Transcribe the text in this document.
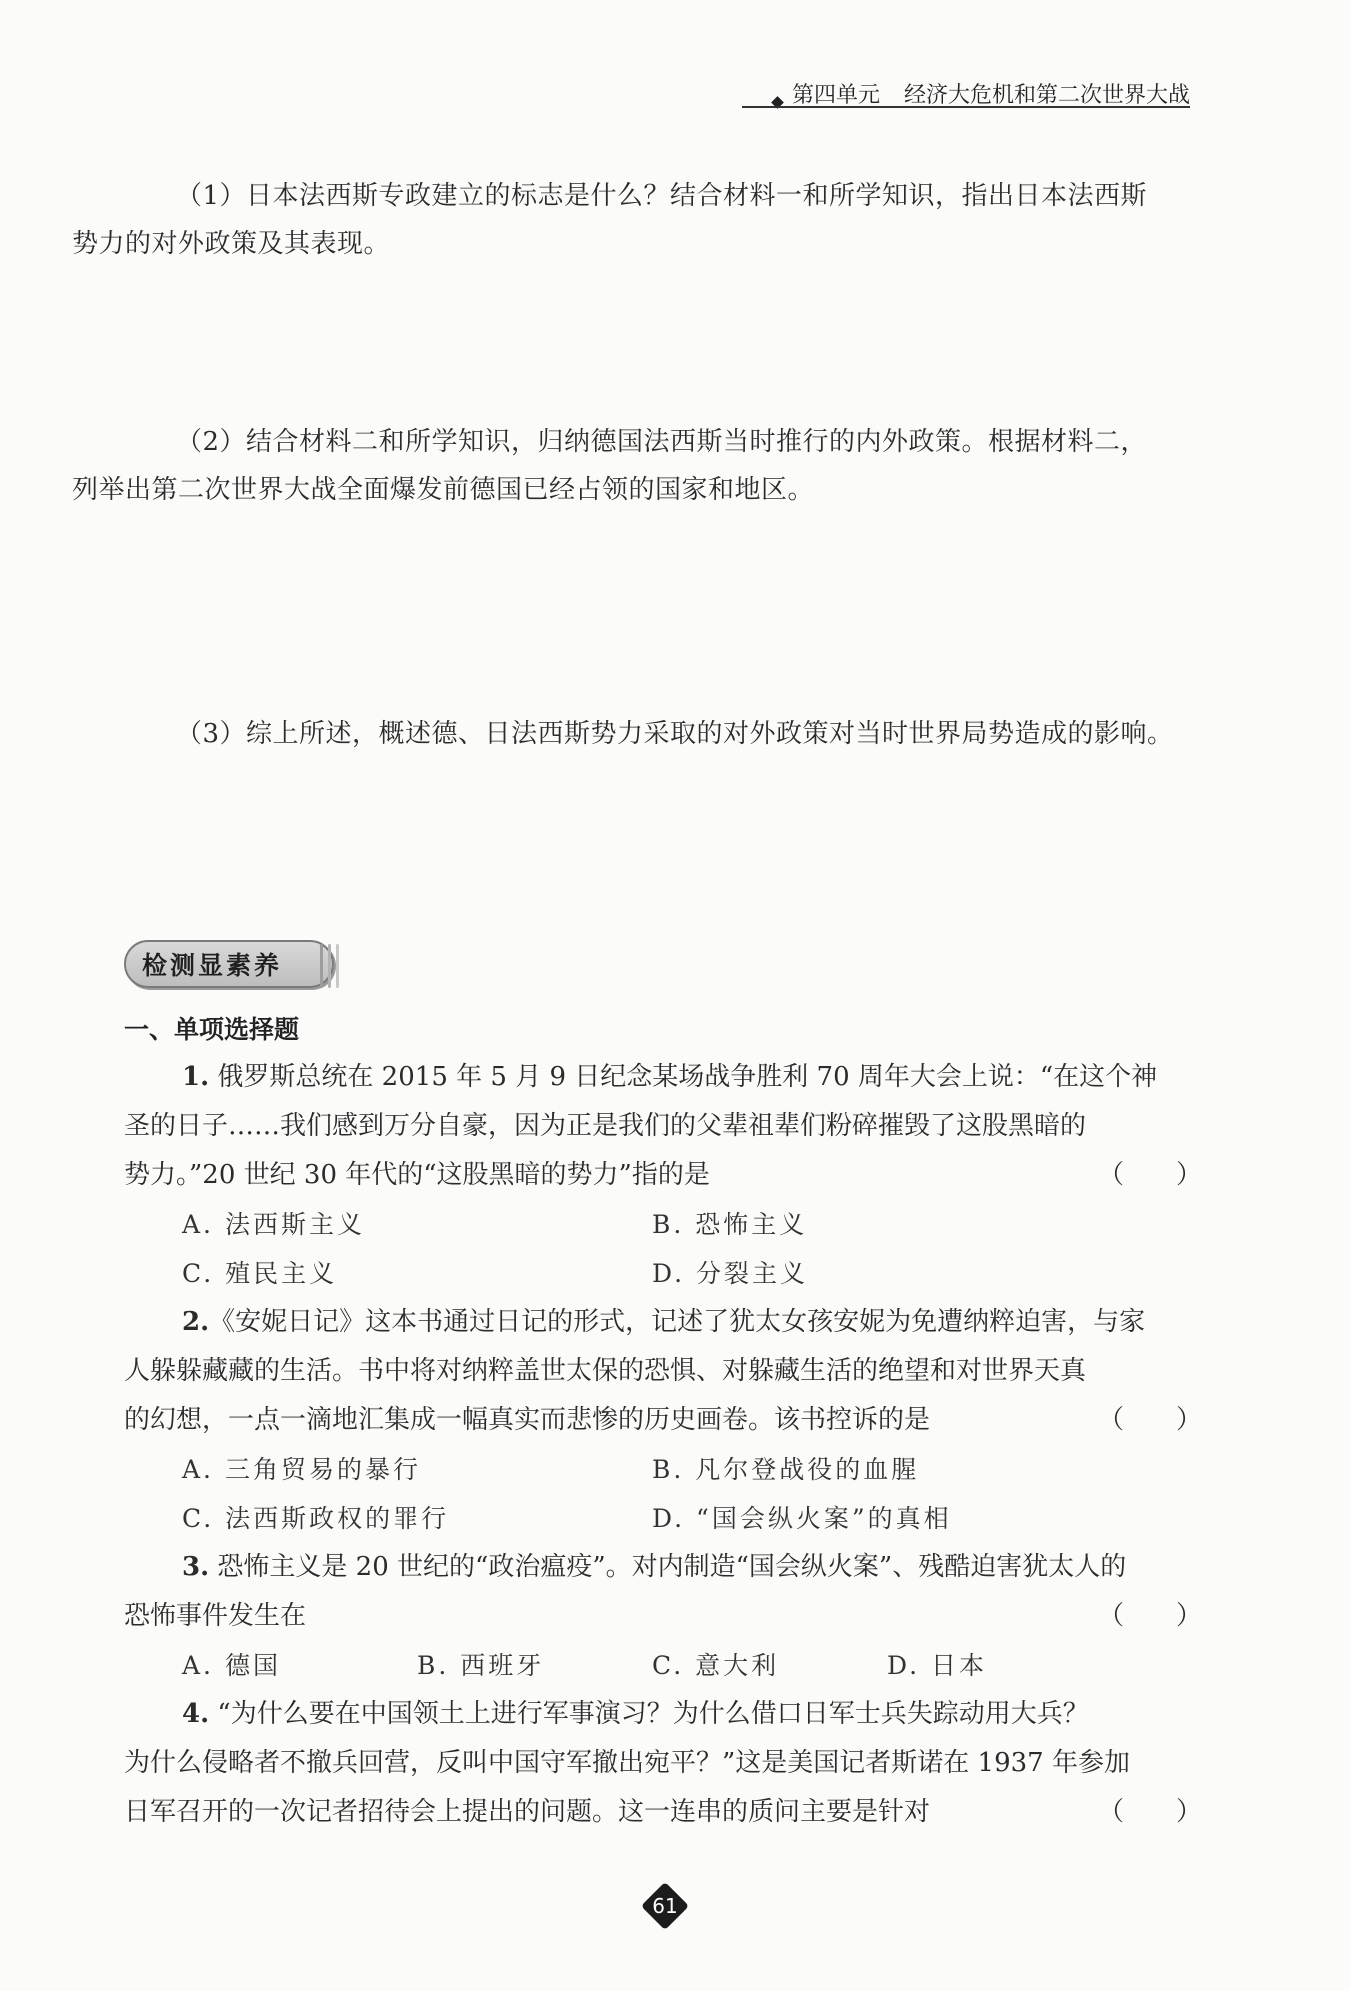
第四单元 经济大危机和第二次世界大战
（1）日本法西斯专政建立的标志是什么？结合材料一和所学知识，指出日本法西斯
势力的对外政策及其表现。
（2）结合材料二和所学知识，归纳德国法西斯当时推行的内外政策。根据材料二，
列举出第二次世界大战全面爆发前德国已经占领的国家和地区。
（3）综上所述，概述德、日法西斯势力采取的对外政策对当时世界局势造成的影响。
检测显素养
一、单项选择题
1. 俄罗斯总统在 2015 年 5 月 9 日纪念某场战争胜利 70 周年大会上说：“在这个神
圣的日子……我们感到万分自豪，因为正是我们的父辈祖辈们粉碎摧毁了这股黑暗的
势力。”20 世纪 30 年代的“这股黑暗的势力”指的是	（　　）
A. 法西斯主义	B. 恐怖主义
C. 殖民主义	D. 分裂主义
2.《安妮日记》这本书通过日记的形式，记述了犹太女孩安妮为免遭纳粹迫害，与家
人躲躲藏藏的生活。书中将对纳粹盖世太保的恐惧、对躲藏生活的绝望和对世界天真
的幻想，一点一滴地汇集成一幅真实而悲惨的历史画卷。该书控诉的是	（　　）
A. 三角贸易的暴行	B. 凡尔登战役的血腥
C. 法西斯政权的罪行	D. “国会纵火案”的真相
3. 恐怖主义是 20 世纪的“政治瘟疫”。对内制造“国会纵火案”、残酷迫害犹太人的
恐怖事件发生在	（　　）
A. 德国	B. 西班牙	C. 意大利	D. 日本
4. “为什么要在中国领土上进行军事演习？为什么借口日军士兵失踪动用大兵？
为什么侵略者不撤兵回营，反叫中国守军撤出宛平？”这是美国记者斯诺在 1937 年参加
日军召开的一次记者招待会上提出的问题。这一连串的质问主要是针对	（　　）
61
